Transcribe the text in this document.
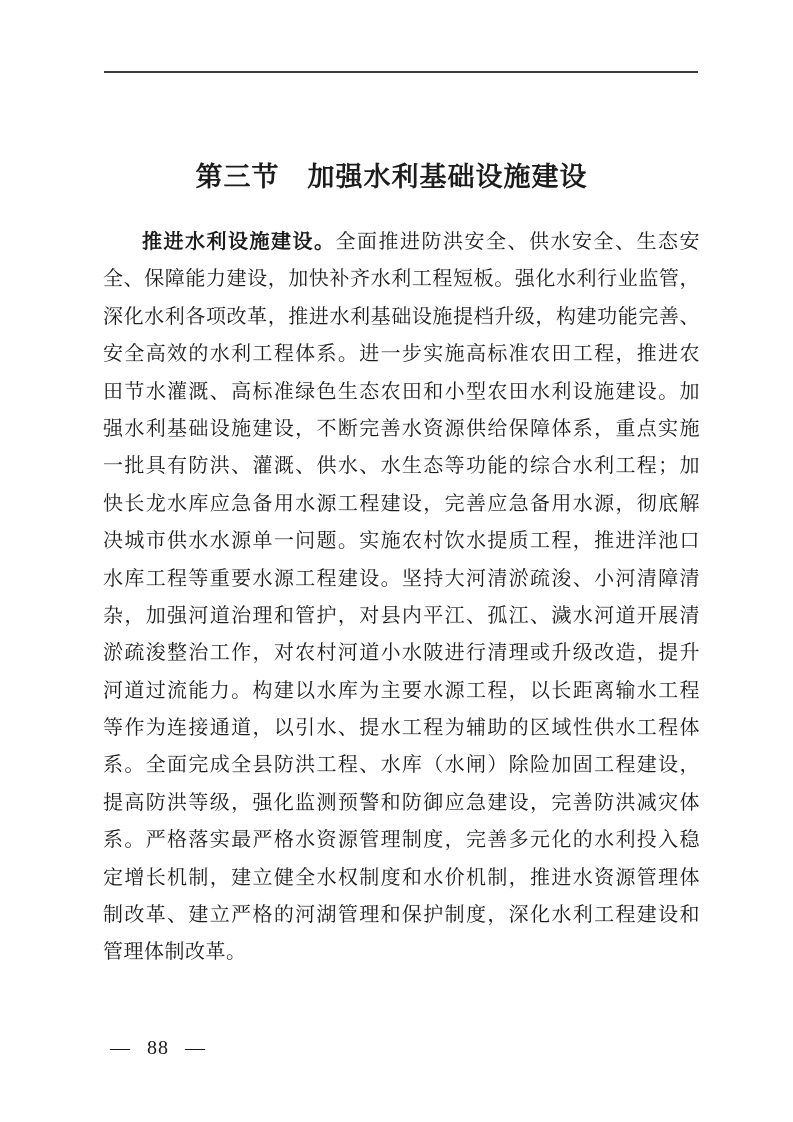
第三节　加强水利基础设施建设
推进水利设施建设。全面推进防洪安全、供水安全、生态安
全、保障能力建设，加快补齐水利工程短板。强化水利行业监管，
深化水利各项改革，推进水利基础设施提档升级，构建功能完善、
安全高效的水利工程体系。进一步实施高标准农田工程，推进农
田节水灌溉、高标准绿色生态农田和小型农田水利设施建设。加
强水利基础设施建设，不断完善水资源供给保障体系，重点实施
一批具有防洪、灌溉、供水、水生态等功能的综合水利工程；加
快长龙水库应急备用水源工程建设，完善应急备用水源，彻底解
决城市供水水源单一问题。实施农村饮水提质工程，推进洋池口
水库工程等重要水源工程建设。坚持大河清淤疏浚、小河清障清
杂，加强河道治理和管护，对县内平江、孤江、濊水河道开展清
淤疏浚整治工作，对农村河道小水陂进行清理或升级改造，提升
河道过流能力。构建以水库为主要水源工程，以长距离输水工程
等作为连接通道，以引水、提水工程为辅助的区域性供水工程体
系。全面完成全县防洪工程、水库（水闸）除险加固工程建设，
提高防洪等级，强化监测预警和防御应急建设，完善防洪减灾体
系。严格落实最严格水资源管理制度，完善多元化的水利投入稳
定增长机制，建立健全水权制度和水价机制，推进水资源管理体
制改革、建立严格的河湖管理和保护制度，深化水利工程建设和
管理体制改革。
— 88 —
